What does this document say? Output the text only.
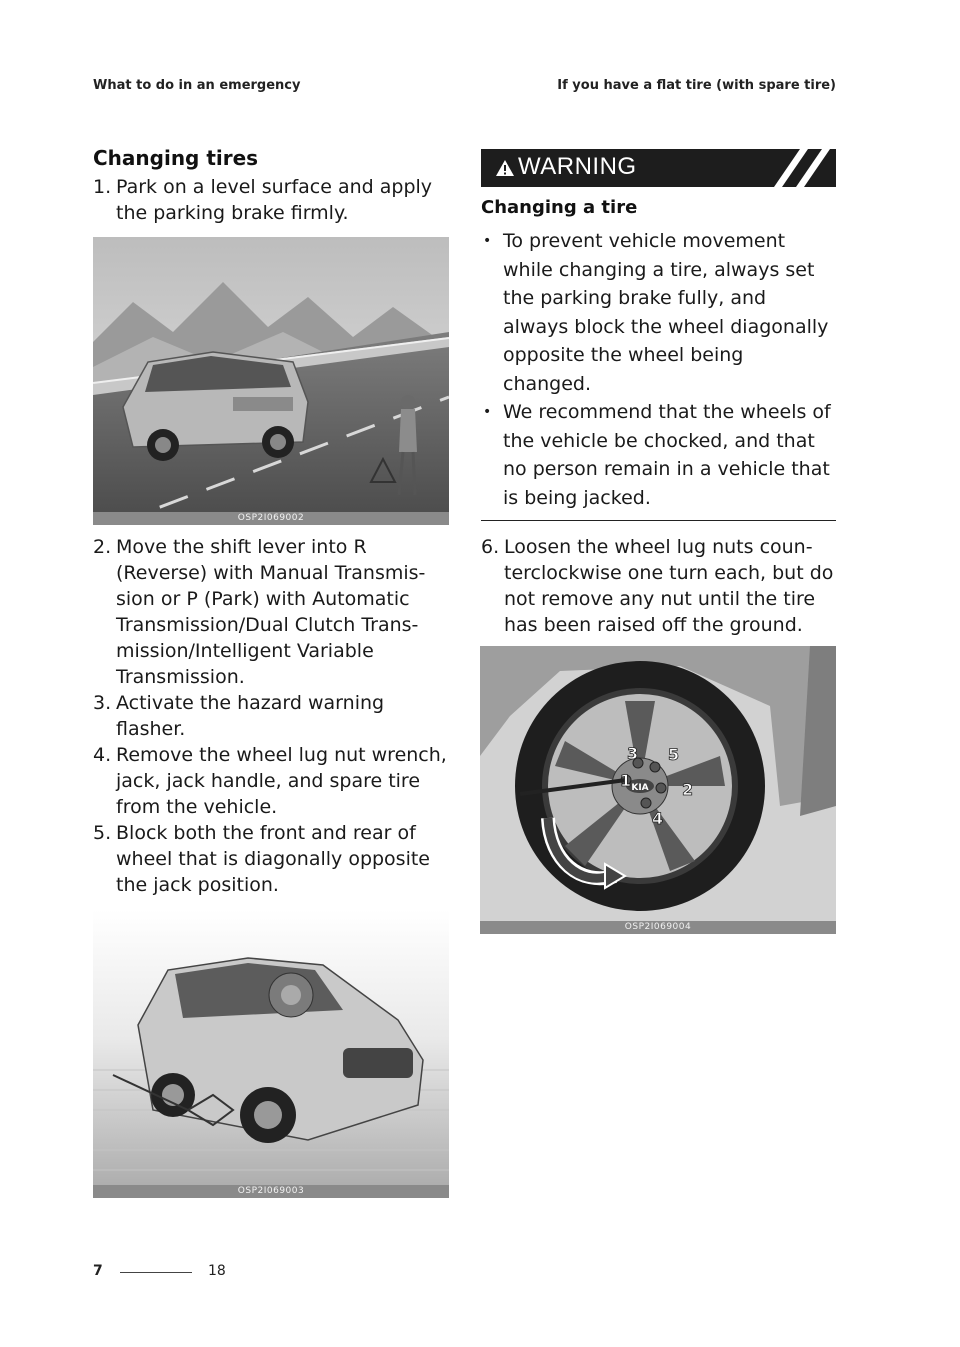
What to do in an emergency	If you have a flat tire (with spare tire)
Changing tires
1. Park on a level surface and apply the parking brake firmly.
OSP2I069002
2. Move the shift lever into R (Reverse) with Manual Transmis-sion or P (Park) with Automatic Transmission/Dual Clutch Trans-mission/Intelligent Variable Transmission.
3. Activate the hazard warning flasher.
4. Remove the wheel lug nut wrench, jack, jack handle, and spare tire from the vehicle.
5. Block both the front and rear of wheel that is diagonally opposite the jack position.
OSP2I069003
WARNING
Changing a tire
• To prevent vehicle movement while changing a tire, always set the parking brake fully, and always block the wheel diagonally opposite the wheel being changed.
• We recommend that the wheels of the vehicle be chocked, and that no person remain in a vehicle that is being jacked.
6. Loosen the wheel lug nuts coun-terclockwise one turn each, but do not remove any nut until the tire has been raised off the ground.
KIA
1	2
3
4
5
OSP2I069004
7	18
